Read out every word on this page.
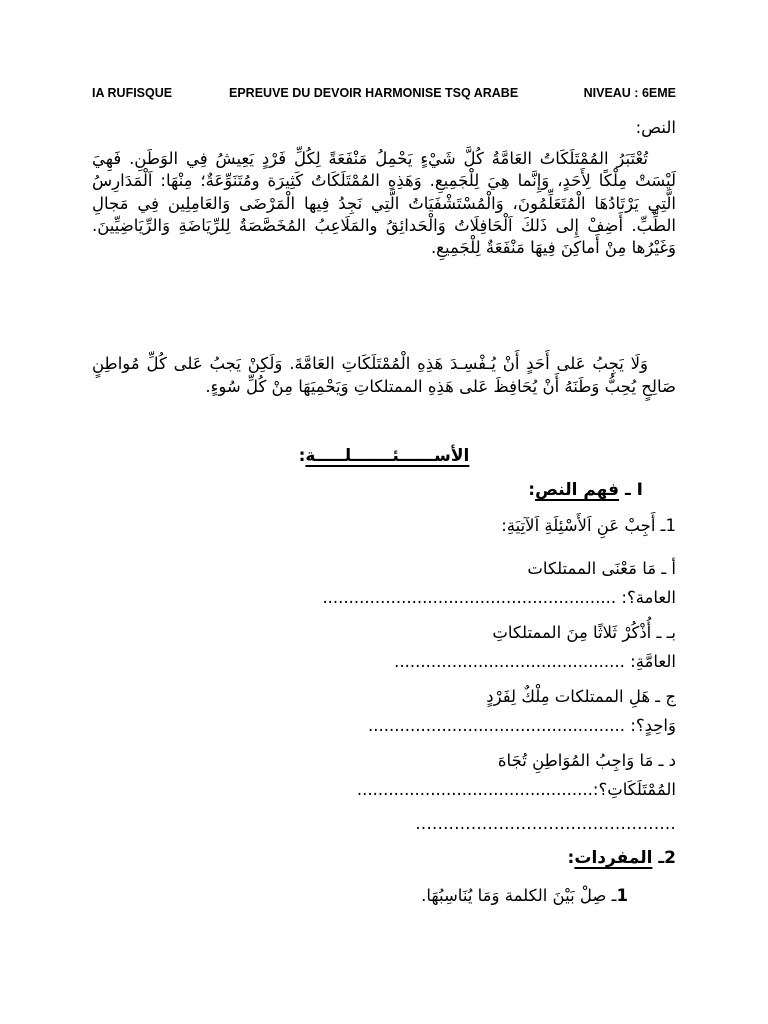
IA RUFISQUE	EPREUVE DU DEVOIR HARMONISE TSQ ARABE	NIVEAU : 6EME
النص:
تُعْتَبَرُ المُمْتَلَكَاتُ العَامَّةُ كُلَّ شَيْءٍ يَحْمِلُ مَنْفَعَةً لِكُلِّ فَرْدٍ يَعِيشُ فِي الوَطَنِ. فَهِيَ لَيْسَتْ مِلْكًا لِأَحَدٍ، وَإِنَّما هِيَ لِلْجَمِيعِ. وَهَذِهِ المُمْتَلَكَاتُ كَثِيرَة ومُتَنَوِّعَةٌ؛ مِنْهَا: اَلْمَدَارِسُ الَّتِي يَرْتَادُهَا الْمُتَعَلِّمُونَ، وَالْمُسْتَشْفَيَاتُ الَّتِي نَجِدُ فِيها الْمَرْضَى وَالعَامِلِين فِي مَجالِ الطِّبِّ. أَضِفْ إِلى ذَلكَ اَلْحَافِلَاتُ وَالْحَدائِقُ والمَلَاعِبُ المُخَصَّصَةُ لِلرِّيَاضَةِ وَالرِّيَاضِيِّينَ. وَغَيْرُها مِنْ أَماكِنَ فِيهَا مَنْفَعَةٌ لِلْجَمِيعِ.
وَلَا يَجِبُ عَلى أَحَدٍ أَنْ يُـفْسِـدَ هَذِهِ الْمُمْتَلَكَاتِ العَامَّةَ. وَلَكِنْ يَجبُ عَلى كُلِّ مُواطِنٍ صَالِحٍ يُحِبُّ وَطَنَهُ أَنْ يُحَافِظَ عَلى هَذِهِ الممتلكاتِ وَيَحْمِيَهَا مِنْ كُلِّ سُوءٍ.
الأسـ‍‍‍‍‍‍ـــــئـــــــلـــــة:
I ـ فهم النص:
1ـ أَجِبْ عَنِ اَلأَسْئِلَةِ اَلآتِيَةِ:
أ ـ مَا مَعْنَى الممتلكات
العامة؟: ........................................................
بـ ـ أُذْكُرْ ثَلاثًا مِنَ الممتلكاتِ
العامَّةِ: ............................................
ج ـ هَلِ الممتلكات مِلْكٌ لِفَرْدٍ
وَاحِدٍ؟: .................................................
د ـ مَا وَاجِبُ المُوَاطِنِ تُجَاهَ
المُمْتَلَكَاتِ؟:.............................................
...............................................
2ـ المفردات:
1ـ صِلْ بَيْنَ الكلمة وَمَا يُنَاسِبُهَا.
